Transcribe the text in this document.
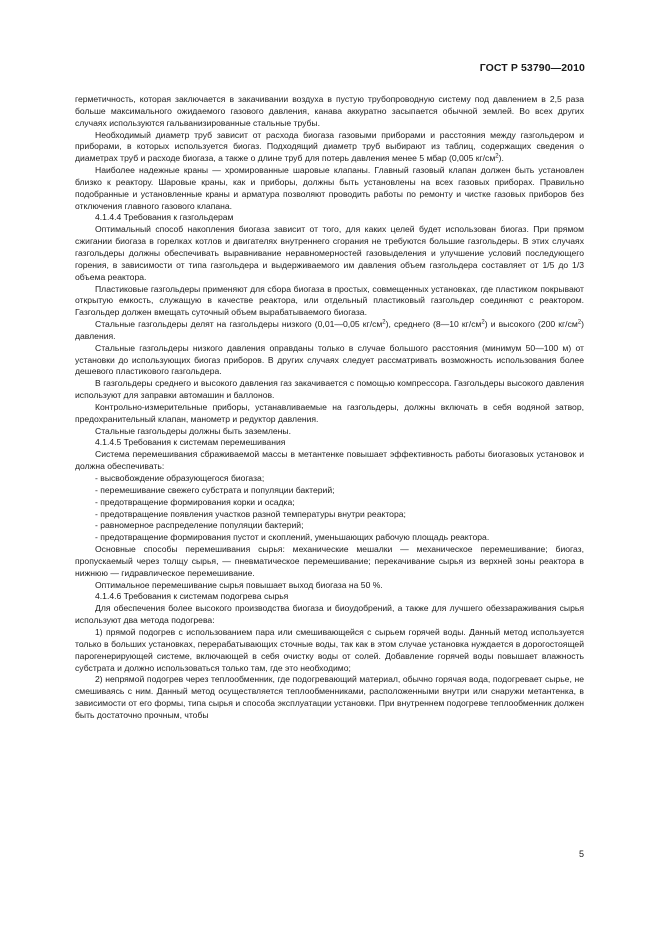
ГОСТ Р 53790—2010

герметичность, которая заключается в закачивании воздуха в пустую трубопроводную систему под давлением в 2,5 раза больше максимального ожидаемого газового давления, канава аккуратно засыпается обычной землей. Во всех других случаях используются гальванизированные стальные трубы.

Необходимый диаметр труб зависит от расхода биогаза газовыми приборами и расстояния между газгольдером и приборами, в которых используется биогаз. Подходящий диаметр труб выбирают из таблиц, содержащих сведения о диаметрах труб и расходе биогаза, а также о длине труб для потерь давления менее 5 мбар (0,005 $кг/см^2$).

Наиболее надежные краны — хромированные шаровые клапаны. Главный газовый клапан должен быть установлен близко к реактору. Шаровые краны, как и приборы, должны быть установлены на всех газовых приборах. Правильно подобранные и установленные краны и арматура позволяют проводить работы по ремонту и чистке газовых приборов без отключения главного газового клапана.

4.1.4.4 Требования к газгольдерам

Оптимальный способ накопления биогаза зависит от того, для каких целей будет использован биогаз. При прямом сжигании биогаза в горелках котлов и двигателях внутреннего сгорания не требуются большие газгольдеры. В этих случаях газгольдеры должны обеспечивать выравнивание неравномерностей газовыделения и улучшение условий последующего горения, в зависимости от типа газгольдера и выдерживаемого им давления объем газгольдера составляет от 1/5 до 1/3 объема реактора.

Пластиковые газгольдеры применяют для сбора биогаза в простых, совмещенных установках, где пластиком покрывают открытую емкость, служащую в качестве реактора, или отдельный пластиковый газгольдер соединяют с реактором. Газгольдер должен вмещать суточный объем вырабатываемого биогаза.

Стальные газгольдеры делят на газгольдеры низкого (0,01—0,05 $кг/см^2$), среднего (8—10 $кг/см^2$) и высокого (200 $кг/см^2$) давления.

Стальные газгольдеры низкого давления оправданы только в случае большого расстояния (минимум 50—100 м) от установки до использующих биогаз приборов. В других случаях следует рассматривать возможность использования более дешевого пластикового газгольдера.

В газгольдеры среднего и высокого давления газ закачивается с помощью компрессора. Газгольдеры высокого давления используют для заправки автомашин и баллонов.

Контрольно-измерительные приборы, устанавливаемые на газгольдеры, должны включать в себя водяной затвор, предохранительный клапан, манометр и редуктор давления.

Стальные газгольдеры должны быть заземлены.

4.1.4.5 Требования к системам перемешивания

Система перемешивания сбраживаемой массы в метантенке повышает эффективность работы биогазовых установок и должна обеспечивать:

- высвобождение образующегося биогаза;

- перемешивание свежего субстрата и популяции бактерий;

- предотвращение формирования корки и осадка;

- предотвращение появления участков разной температуры внутри реактора;

- равномерное распределение популяции бактерий;

- предотвращение формирования пустот и скоплений, уменьшающих рабочую площадь реактора.

Основные способы перемешивания сырья: механические мешалки — механическое перемешивание; биогаз, пропускаемый через толщу сырья, — пневматическое перемешивание; перекачивание сырья из верхней зоны реактора в нижнюю — гидравлическое перемешивание.

Оптимальное перемешивание сырья повышает выход биогаза на 50 %.

4.1.4.6 Требования к системам подогрева сырья

Для обеспечения более высокого производства биогаза и биоудобрений, а также для лучшего обеззараживания сырья используют два метода подогрева:

1) прямой подогрев с использованием пара или смешивающейся с сырьем горячей воды. Данный метод используется только в больших установках, перерабатывающих сточные воды, так как в этом случае установка нуждается в дорогостоящей парогенерирующей системе, включающей в себя очистку воды от солей. Добавление горячей воды повышает влажность субстрата и должно использоваться только там, где это необходимо;

2) непрямой подогрев через теплообменник, где подогревающий материал, обычно горячая вода, подогревает сырье, не смешиваясь с ним. Данный метод осуществляется теплообменниками, расположенными внутри или снаружи метантенка, в зависимости от его формы, типа сырья и способа эксплуатации установки. При внутреннем подогреве теплообменник должен быть достаточно прочным, чтобы

5
